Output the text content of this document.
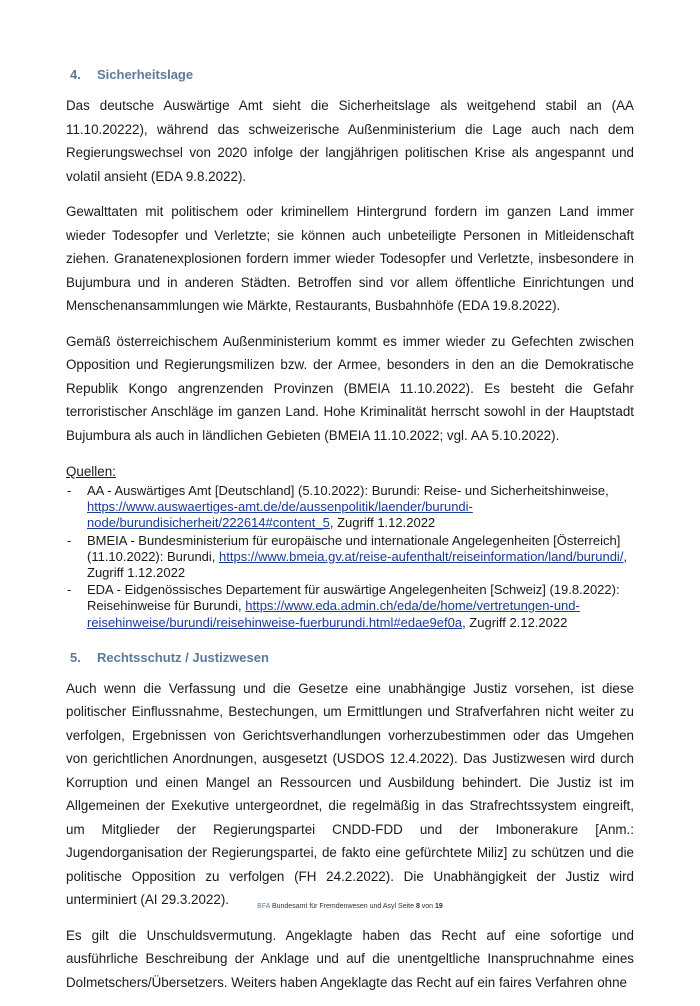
4. Sicherheitslage

Das deutsche Auswärtige Amt sieht die Sicherheitslage als weitgehend stabil an (AA 11.10.20222), während das schweizerische Außenministerium die Lage auch nach dem Regierungswechsel von 2020 infolge der langjährigen politischen Krise als angespannt und volatil ansieht (EDA 9.8.2022).

Gewalttaten mit politischem oder kriminellem Hintergrund fordern im ganzen Land immer wieder Todesopfer und Verletzte; sie können auch unbeteiligte Personen in Mitleidenschaft ziehen. Granatenexplosionen fordern immer wieder Todesopfer und Verletzte, insbesondere in Bujumbura und in anderen Städten. Betroffen sind vor allem öffentliche Einrichtungen und Menschenansammlungen wie Märkte, Restaurants, Busbahnhöfe (EDA 19.8.2022).

Gemäß österreichischem Außenministerium kommt es immer wieder zu Gefechten zwischen Opposition und Regierungsmilizen bzw. der Armee, besonders in den an die Demokratische Republik Kongo angrenzenden Provinzen (BMEIA 11.10.2022). Es besteht die Gefahr terroristischer Anschläge im ganzen Land. Hohe Kriminalität herrscht sowohl in der Hauptstadt Bujumbura als auch in ländlichen Gebieten (BMEIA 11.10.2022; vgl. AA 5.10.2022).

Quellen:
- AA - Auswärtiges Amt [Deutschland] (5.10.2022): Burundi: Reise- und Sicherheitshinweise, https://www.auswaertiges-amt.de/de/aussenpolitik/laender/burundi-node/burundisicherheit/222614#content_5, Zugriff 1.12.2022
- BMEIA - Bundesministerium für europäische und internationale Angelegenheiten [Österreich] (11.10.2022): Burundi, https://www.bmeia.gv.at/reise-aufenthalt/reiseinformation/land/burundi/, Zugriff 1.12.2022
- EDA - Eidgenössisches Departement für auswärtige Angelegenheiten [Schweiz] (19.8.2022): Reisehinweise für Burundi, https://www.eda.admin.ch/eda/de/home/vertretungen-und-reisehinweise/burundi/reisehinweise-fuerburundi.html#edae9ef0a, Zugriff 2.12.2022
5. Rechtsschutz / Justizwesen

Auch wenn die Verfassung und die Gesetze eine unabhängige Justiz vorsehen, ist diese politischer Einflussnahme, Bestechungen, um Ermittlungen und Strafverfahren nicht weiter zu verfolgen, Ergebnissen von Gerichtsverhandlungen vorherzubestimmen oder das Umgehen von gerichtlichen Anordnungen, ausgesetzt (USDOS 12.4.2022). Das Justizwesen wird durch Korruption und einen Mangel an Ressourcen und Ausbildung behindert. Die Justiz ist im Allgemeinen der Exekutive untergeordnet, die regelmäßig in das Strafrechtssystem eingreift, um Mitglieder der Regierungspartei CNDD-FDD und der Imbonerakure [Anm.: Jugendorganisation der Regierungspartei, de fakto eine gefürchtete Miliz] zu schützen und die politische Opposition zu verfolgen (FH 24.2.2022). Die Unabhängigkeit der Justiz wird unterminiert (AI 29.3.2022).

Es gilt die Unschuldsvermutung. Angeklagte haben das Recht auf eine sofortige und ausführliche Beschreibung der Anklage und auf die unentgeltliche Inanspruchnahme eines Dolmetschers/Übersetzers. Weiters haben Angeklagte das Recht auf ein faires Verfahren ohne

BFA Bundesamt für Fremdenwesen und Asyl Seite 8 von 19
